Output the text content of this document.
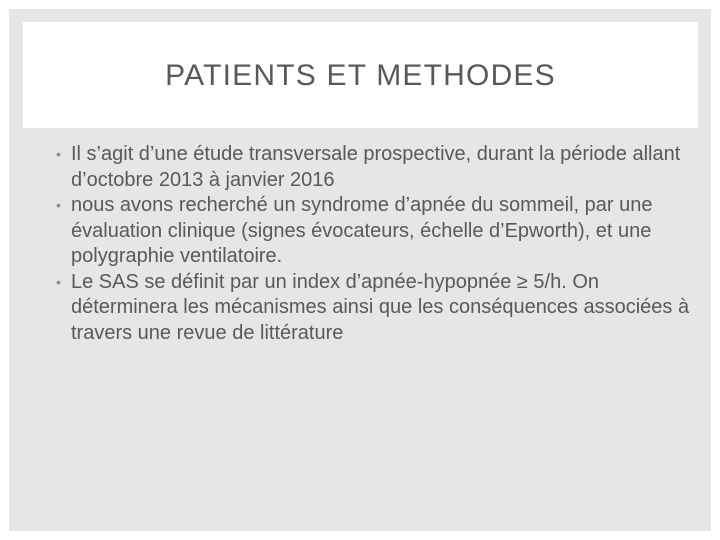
PATIENTS ET METHODES
• Il s’agit d’une étude transversale prospective, durant la période allant d’octobre 2013 à janvier 2016
• nous avons recherché un syndrome d’apnée du sommeil, par une évaluation clinique (signes évocateurs, échelle d’Epworth), et une polygraphie ventilatoire.
• Le SAS se définit par un index d’apnée-hypopnée ≥ 5/h. On déterminera les mécanismes ainsi que les conséquences associées à travers une revue de littérature
